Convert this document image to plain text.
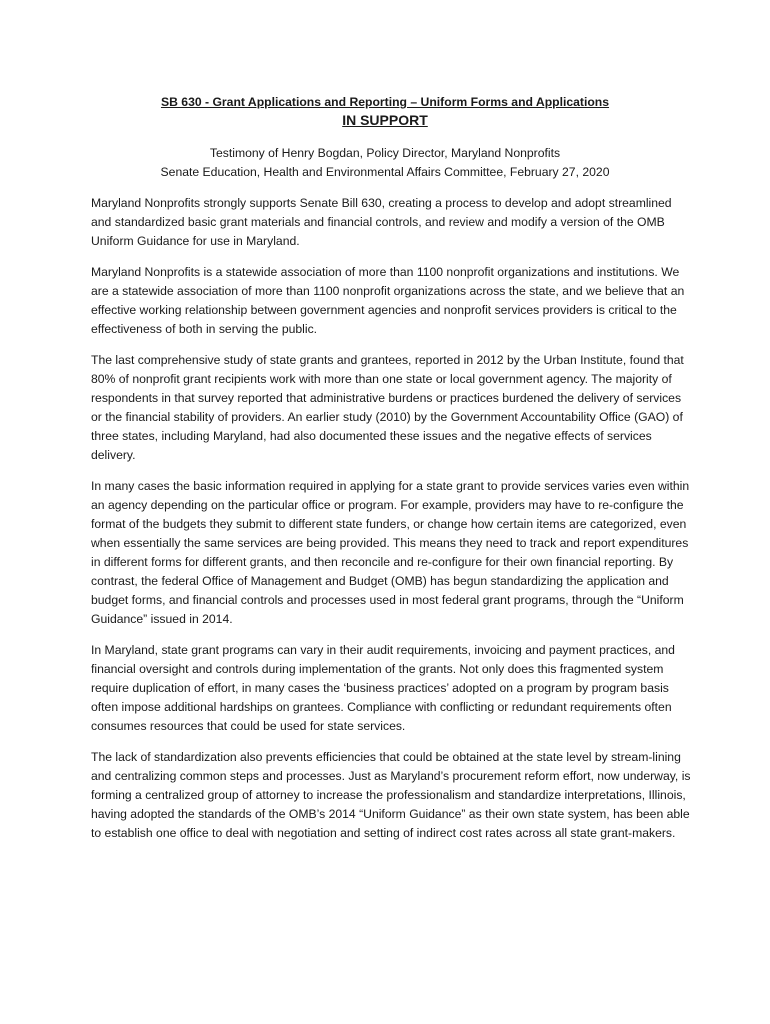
SB 630 - Grant Applications and Reporting – Uniform Forms and Applications
IN SUPPORT
Testimony of Henry Bogdan, Policy Director, Maryland Nonprofits
Senate Education, Health and Environmental Affairs Committee, February 27, 2020

Maryland Nonprofits strongly supports Senate Bill 630, creating a process to develop and adopt streamlined and standardized basic grant materials and financial controls, and review and modify a version of the OMB Uniform Guidance for use in Maryland.

Maryland Nonprofits is a statewide association of more than 1100 nonprofit organizations and institutions. We are a statewide association of more than 1100 nonprofit organizations across the state, and we believe that an effective working relationship between government agencies and nonprofit services providers is critical to the effectiveness of both in serving the public.

The last comprehensive study of state grants and grantees, reported in 2012 by the Urban Institute, found that 80% of nonprofit grant recipients work with more than one state or local government agency. The majority of respondents in that survey reported that administrative burdens or practices burdened the delivery of services or the financial stability of providers. An earlier study (2010) by the Government Accountability Office (GAO) of three states, including Maryland, had also documented these issues and the negative effects of services delivery.

In many cases the basic information required in applying for a state grant to provide services varies even within an agency depending on the particular office or program. For example, providers may have to re-configure the format of the budgets they submit to different state funders, or change how certain items are categorized, even when essentially the same services are being provided. This means they need to track and report expenditures in different forms for different grants, and then reconcile and re-configure for their own financial reporting. By contrast, the federal Office of Management and Budget (OMB) has begun standardizing the application and budget forms, and financial controls and processes used in most federal grant programs, through the “Uniform Guidance” issued in 2014.

In Maryland, state grant programs can vary in their audit requirements, invoicing and payment practices, and financial oversight and controls during implementation of the grants. Not only does this fragmented system require duplication of effort, in many cases the ‘business practices’ adopted on a program by program basis often impose additional hardships on grantees. Compliance with conflicting or redundant requirements often consumes resources that could be used for state services.

The lack of standardization also prevents efficiencies that could be obtained at the state level by stream-lining and centralizing common steps and processes. Just as Maryland’s procurement reform effort, now underway, is forming a centralized group of attorney to increase the professionalism and standardize interpretations, Illinois, having adopted the standards of the OMB’s 2014 “Uniform Guidance” as their own state system, has been able to establish one office to deal with negotiation and setting of indirect cost rates across all state grant-makers.
